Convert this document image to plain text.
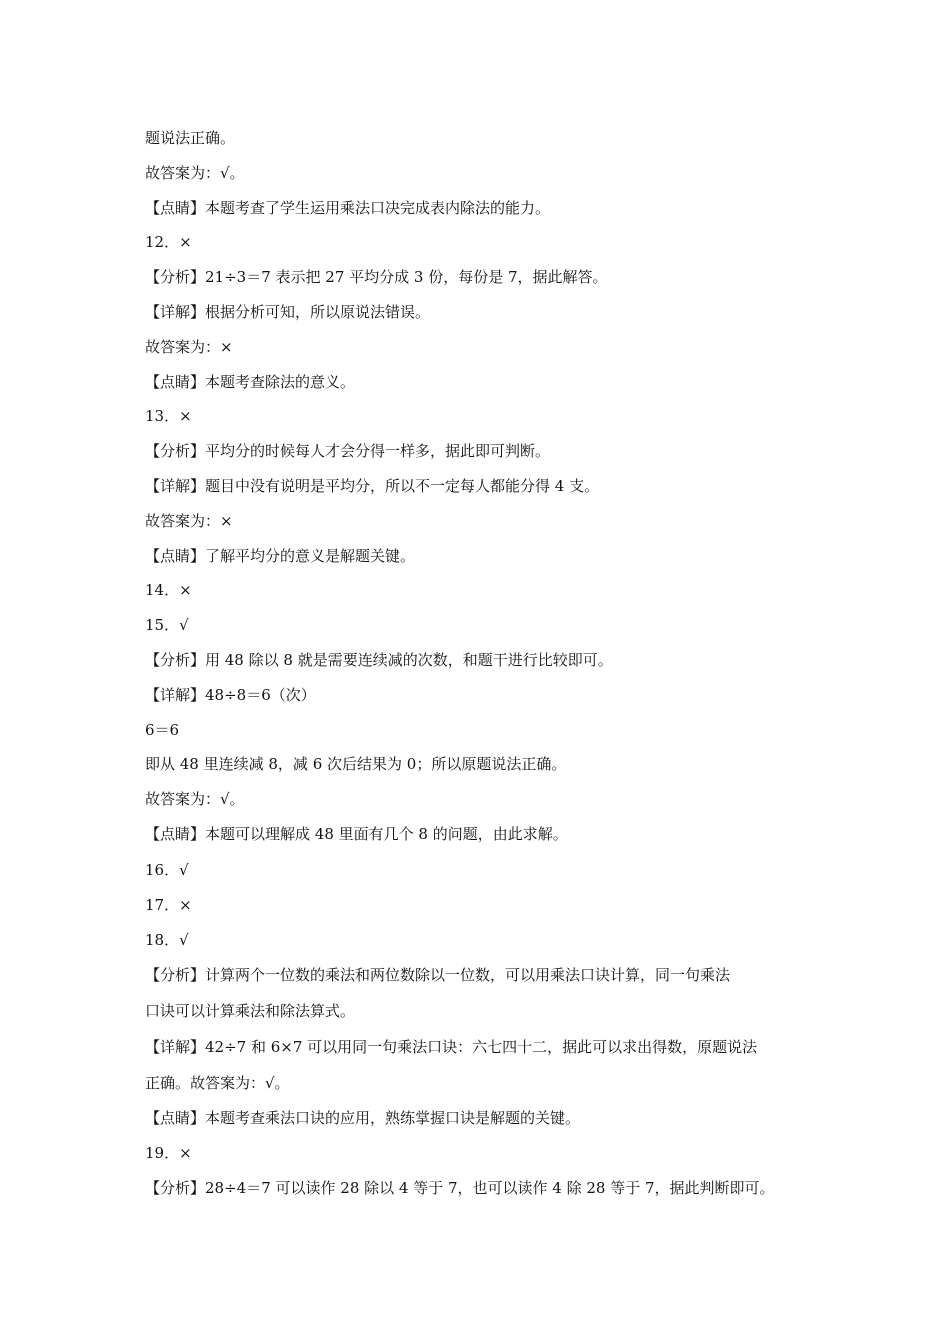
题说法正确。
故答案为：√。
【点睛】本题考查了学生运用乘法口决完成表内除法的能力。
12．×
【分析】21÷3＝7 表示把 27 平均分成 3 份，每份是 7，据此解答。
【详解】根据分析可知，所以原说法错误。
故答案为：×
【点睛】本题考查除法的意义。
13．×
【分析】平均分的时候每人才会分得一样多，据此即可判断。
【详解】题目中没有说明是平均分，所以不一定每人都能分得 4 支。
故答案为：×
【点睛】了解平均分的意义是解题关键。
14．×
15．√
【分析】用 48 除以 8 就是需要连续减的次数，和题干进行比较即可。
【详解】48÷8＝6（次）
6＝6
即从 48 里连续减 8，减 6 次后结果为 0；所以原题说法正确。
故答案为：√。
【点睛】本题可以理解成 48 里面有几个 8 的问题，由此求解。
16．√
17．×
18．√
【分析】计算两个一位数的乘法和两位数除以一位数，可以用乘法口诀计算，同一句乘法
口诀可以计算乘法和除法算式。
【详解】42÷7 和 6×7 可以用同一句乘法口诀：六七四十二，据此可以求出得数，原题说法
正确。故答案为：√。
【点睛】本题考查乘法口诀的应用，熟练掌握口诀是解题的关键。
19．×
【分析】28÷4＝7 可以读作 28 除以 4 等于 7，也可以读作 4 除 28 等于 7，据此判断即可。
